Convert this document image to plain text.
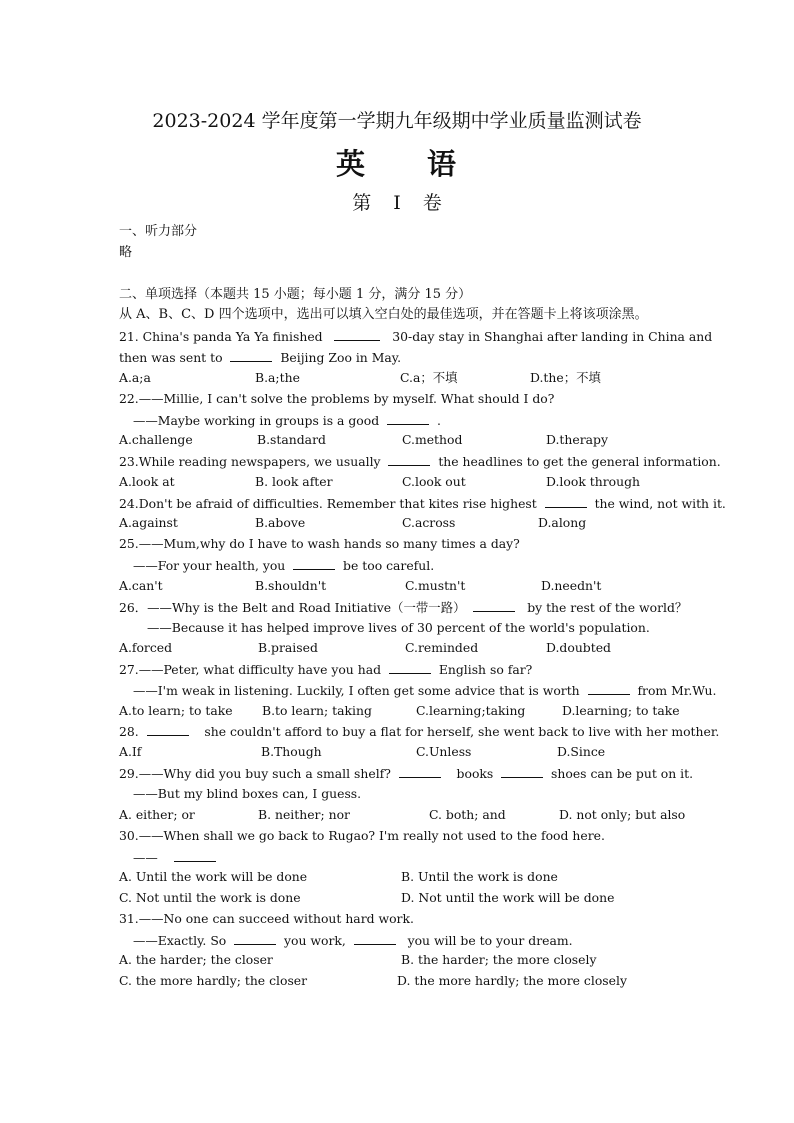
2023-2024 学年度第一学期九年级期中学业质量监测试卷
英 语
第 Ⅰ 卷
一、听力部分
略
二、单项选择（本题共 15 小题；每小题 1 分，满分 15 分）
从 A、B、C、D 四个选项中，选出可以填入空白处的最佳选项，并在答题卡上将该项涂黑。
21. China's panda Ya Ya finished	30-day stay in Shanghai after landing in China and
then was sent to	Beijing Zoo in May.
A.a;a	B.a;the	C.a；不填	D.the；不填
22.——Millie, I can't solve the problems by myself. What should I do?
——Maybe working in groups is a good	.
A.challenge	B.standard	C.method	D.therapy
23.While reading newspapers, we usually	the headlines to get the general information.
A.look at	B. look after	C.look out	D.look through
24.Don't be afraid of difficulties. Remember that kites rise highest	the wind, not with it.
A.against	B.above	C.across	D.along
25.——Mum,why do I have to wash hands so many times a day?
——For your health, you	be too careful.
A.can't	B.shouldn't	C.mustn't	D.needn't
26．——Why is the Belt and Road Initiative（一带一路）	by the rest of the world？
——Because it has helped improve lives of 30 percent of the world's population.
A.forced	B.praised	C.reminded	D.doubted
27.——Peter, what difficulty have you had	English so far?
——I'm weak in listening. Luckily, I often get some advice that is worth	from Mr.Wu.
A.to learn; to take B.to learn; taking	C.learning;taking	D.learning; to take
28.	she couldn't afford to buy a flat for herself, she went back to live with her mother.
A.If	B.Though	C.Unless	D.Since
29.——Why did you buy such a small shelf?	books	shoes can be put on it.
——But my blind boxes can, I guess.
A. either; or	B. neither; nor	C. both; and	D. not only; but also
30.——When shall we go back to Rugao? I'm really not used to the food here.
——
A. Until the work will be done	B. Until the work is done
C. Not until the work is done	D. Not until the work will be done
31.——No one can succeed without hard work.
——Exactly. So	you work,	you will be to your dream.
A. the harder; the closer	B. the harder; the more closely
C. the more hardly; the closer	D. the more hardly; the more closely
